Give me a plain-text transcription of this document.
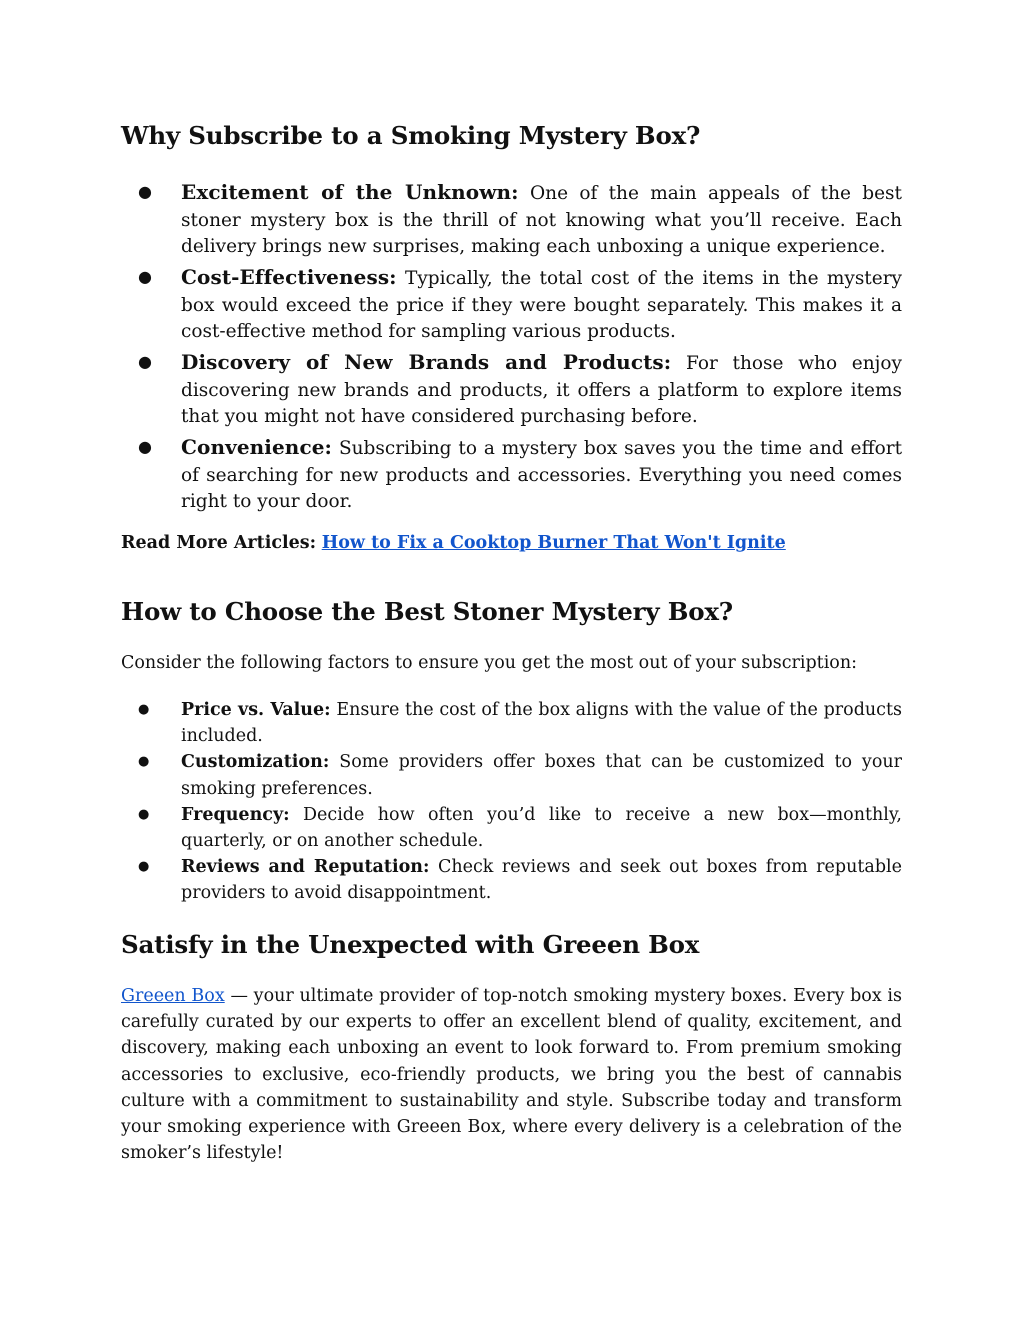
Why Subscribe to a Smoking Mystery Box?
● Excitement of the Unknown: One of the main appeals of the best stoner mystery box is the thrill of not knowing what you’ll receive. Each delivery brings new surprises, making each unboxing a unique experience.
● Cost-Effectiveness: Typically, the total cost of the items in the mystery box would exceed the price if they were bought separately. This makes it a cost-effective method for sampling various products.
● Discovery of New Brands and Products: For those who enjoy discovering new brands and products, it offers a platform to explore items that you might not have considered purchasing before.
● Convenience: Subscribing to a mystery box saves you the time and effort of searching for new products and accessories. Everything you need comes right to your door.
Read More Articles: How to Fix a Cooktop Burner That Won't Ignite
How to Choose the Best Stoner Mystery Box?
Consider the following factors to ensure you get the most out of your subscription:
● Price vs. Value: Ensure the cost of the box aligns with the value of the products included.
● Customization: Some providers offer boxes that can be customized to your smoking preferences.
● Frequency: Decide how often you’d like to receive a new box—monthly, quarterly, or on another schedule.
● Reviews and Reputation: Check reviews and seek out boxes from reputable providers to avoid disappointment.
Satisfy in the Unexpected with Greeen Box

Greeen Box — your ultimate provider of top-notch smoking mystery boxes. Every box is carefully curated by our experts to offer an excellent blend of quality, excitement, and discovery, making each unboxing an event to look forward to. From premium smoking accessories to exclusive, eco-friendly products, we bring you the best of cannabis culture with a commitment to sustainability and style. Subscribe today and transform your smoking experience with Greeen Box, where every delivery is a celebration of the smoker’s lifestyle!
